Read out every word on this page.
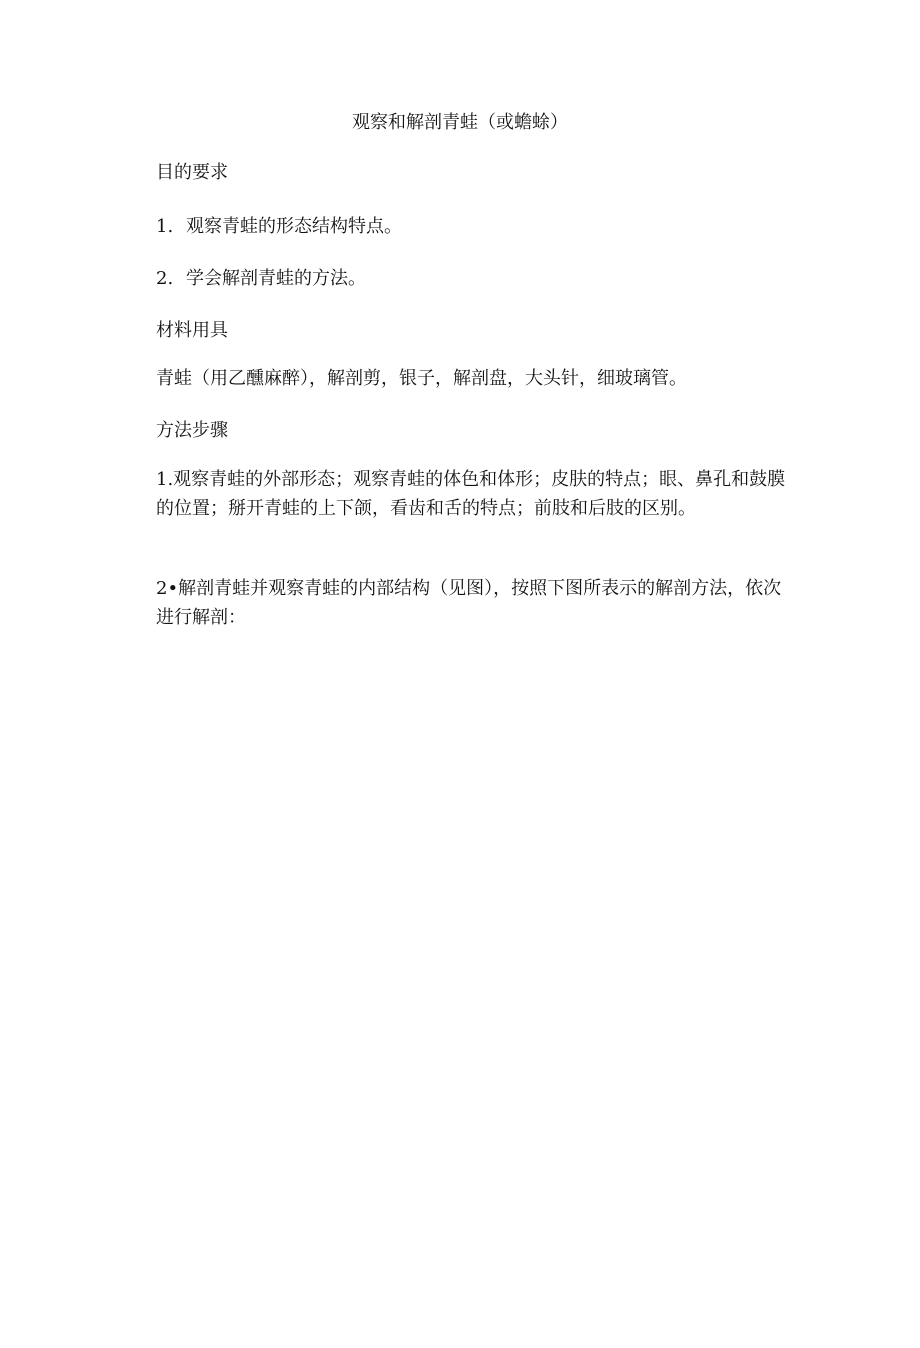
观察和解剖青蛙（或蟾蜍）
目的要求

1. 观察青蛙的形态结构特点。

2. 学会解剖青蛙的方法。

材料用具

青蛙（用乙醺麻醉），解剖剪，银子，解剖盘，大头针，细玻璃管。

方法步骤

1.观察青蛙的外部形态；观察青蛙的体色和体形；皮肤的特点；眼、鼻孔和鼓膜的位置；掰开青蛙的上下颌，看齿和舌的特点；前肢和后肢的区别。

2•解剖青蛙并观察青蛙的内部结构（见图），按照下图所表示的解剖方法，依次进行解剖：
